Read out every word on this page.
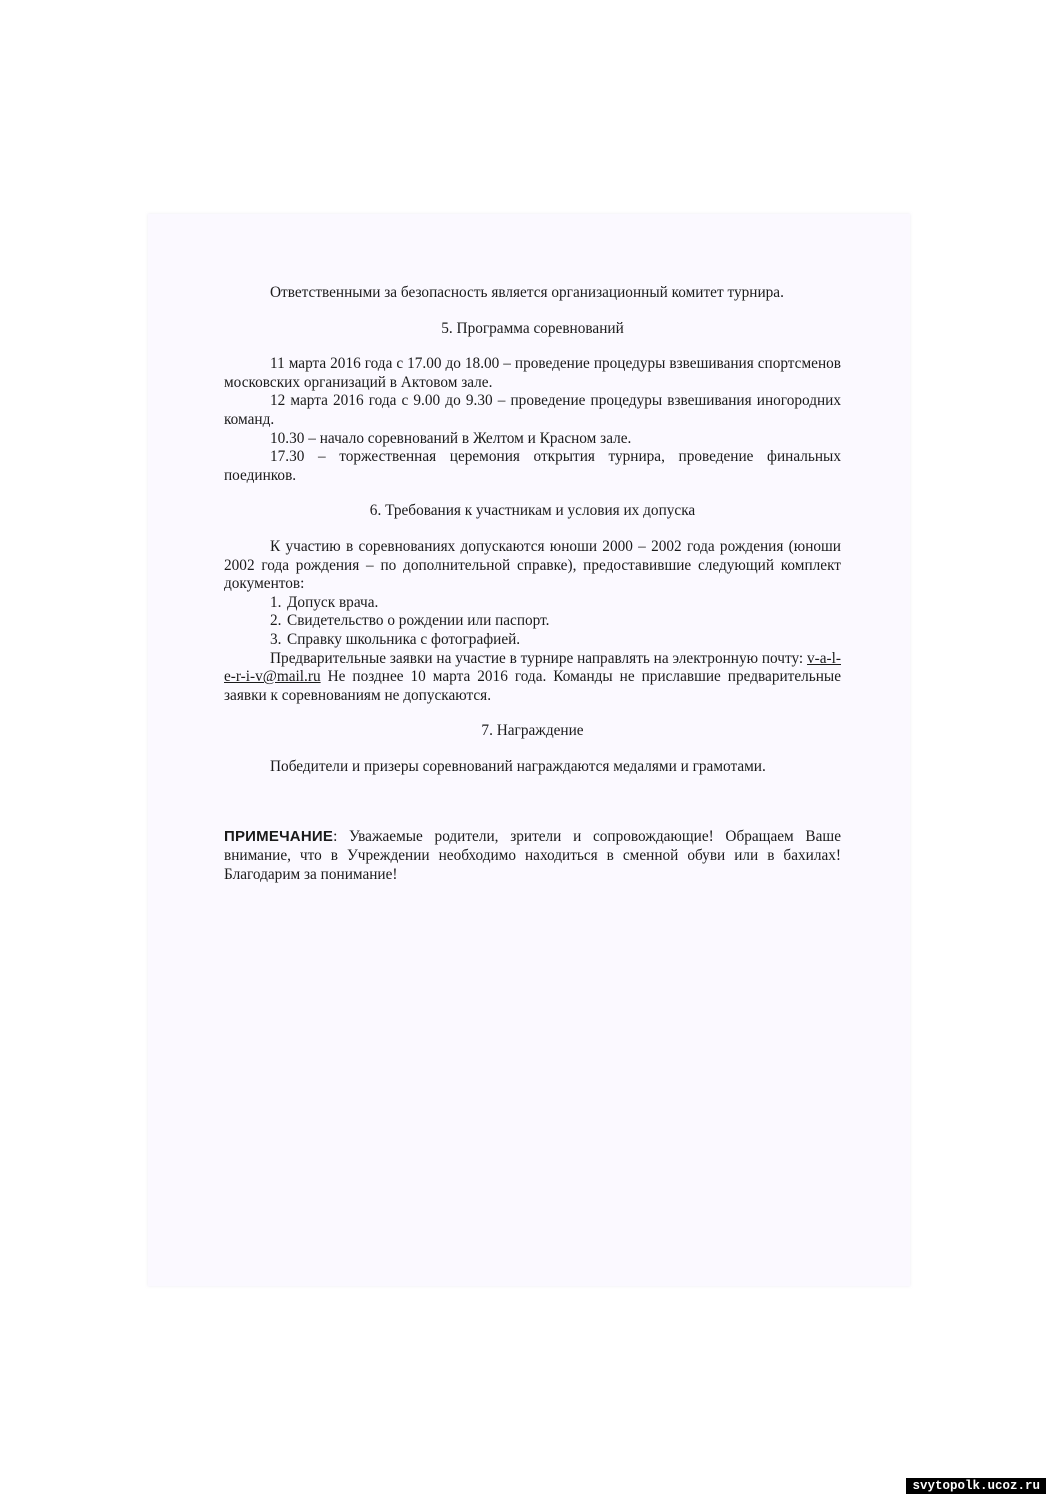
Ответственными за безопасность является организационный комитет турнира.

5. Программа соревнований

11 марта 2016 года с 17.00 до 18.00 – проведение процедуры взвешивания спортсменов московских организаций в Актовом зале.

12 марта 2016 года с 9.00 до 9.30 – проведение процедуры взвешивания иногородних команд.

10.30 – начало соревнований в Желтом и Красном зале.

17.30 – торжественная церемония открытия турнира, проведение финальных поединков.

6. Требования к участникам и условия их допуска

К участию в соревнованиях допускаются юноши 2000 – 2002 года рождения (юноши 2002 года рождения – по дополнительной справке), предоставившие следующий комплект документов:

1. Допуск врача.
2. Свидетельство о рождении или паспорт.
3. Справку школьника с фотографией.

Предварительные заявки на участие в турнире направлять на электронную почту: v-a-l-e-r-i-v@mail.ru Не позднее 10 марта 2016 года. Команды не приславшие предварительные заявки к соревнованиям не допускаются.

7. Награждение

Победители и призеры соревнований награждаются медалями и грамотами.

ПРИМЕЧАНИЕ: Уважаемые родители, зрители и сопровождающие! Обращаем Ваше внимание, что в Учреждении необходимо находиться в сменной обуви или в бахилах! Благодарим за понимание!

svytopolk.ucoz.ru
